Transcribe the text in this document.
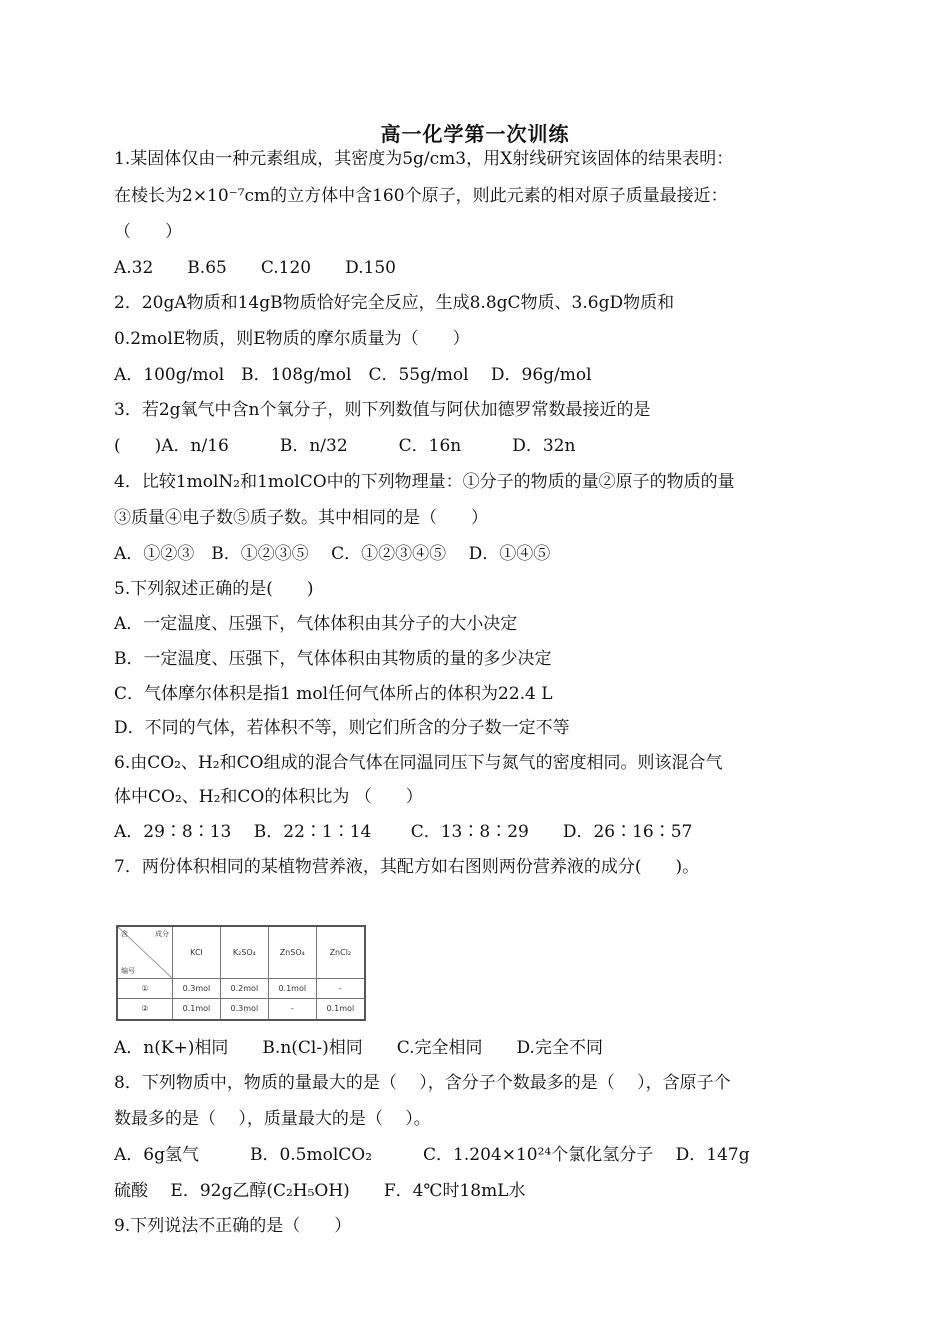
高一化学第一次训练
1.某固体仅由一种元素组成，其密度为5g/cm3，用X射线研究该固体的结果表明：
在棱长为2×10⁻⁷cm的立方体中含160个原子，则此元素的相对原子质量最接近：
（　　）
A.32　　B.65　　C.120　　D.150
2．20gA物质和14gB物质恰好完全反应，生成8.8gC物质、3.6gD物质和
0.2molE物质，则E物质的摩尔质量为（　　）
A．100g/mol　B．108g/mol　C．55g/mol　 D．96g/mol
3．若2g氧气中含n个氧分子，则下列数值与阿伏加德罗常数最接近的是
(　　)A．n/16　　　B．n/32　　　C．16n　　　D．32n
4．比较1molN₂和1molCO中的下列物理量：①分子的物质的量②原子的物质的量
③质量④电子数⑤质子数。其中相同的是（　　）
A．①②③　B．①②③⑤　 C．①②③④⑤　 D．①④⑤
5.下列叙述正确的是(　　)
A．一定温度、压强下，气体体积由其分子的大小决定
B．一定温度、压强下，气体体积由其物质的量的多少决定
C．气体摩尔体积是指1 mol任何气体所占的体积为22.4 L
D．不同的气体，若体积不等，则它们所含的分子数一定不等
6.由CO₂、H₂和CO组成的混合气体在同温同压下与氮气的密度相同。则该混合气
体中CO₂、H₂和CO的体积比为 （　　）
A．29∶8∶13　 B．22∶1∶14　　 C．13∶8∶29　　D．26∶16∶57
7．两份体积相同的某植物营养液，其配方如右图则两份营养液的成分(　　)。
含 成分
编号	KCl	K₂SO₄	ZnSO₄	ZnCl₂
①	0.3mol	0.2mol	0.1mol	-
②	0.1mol	0.3mol	-	0.1mol
A．n(K+)相同　　B.n(Cl-)相同　　C.完全相同　　D.完全不同
8．下列物质中，物质的量最大的是（　 ），含分子个数最多的是（　 ），含原子个
数最多的是（　 ），质量最大的是（　 ）。
A．6g氢气　　　B．0.5molCO₂　　　C．1.204×10²⁴个氯化氢分子　 D．147g
硫酸　 E．92g乙醇(C₂H₅OH)　　F．4℃时18mL水
9.下列说法不正确的是（　　）
